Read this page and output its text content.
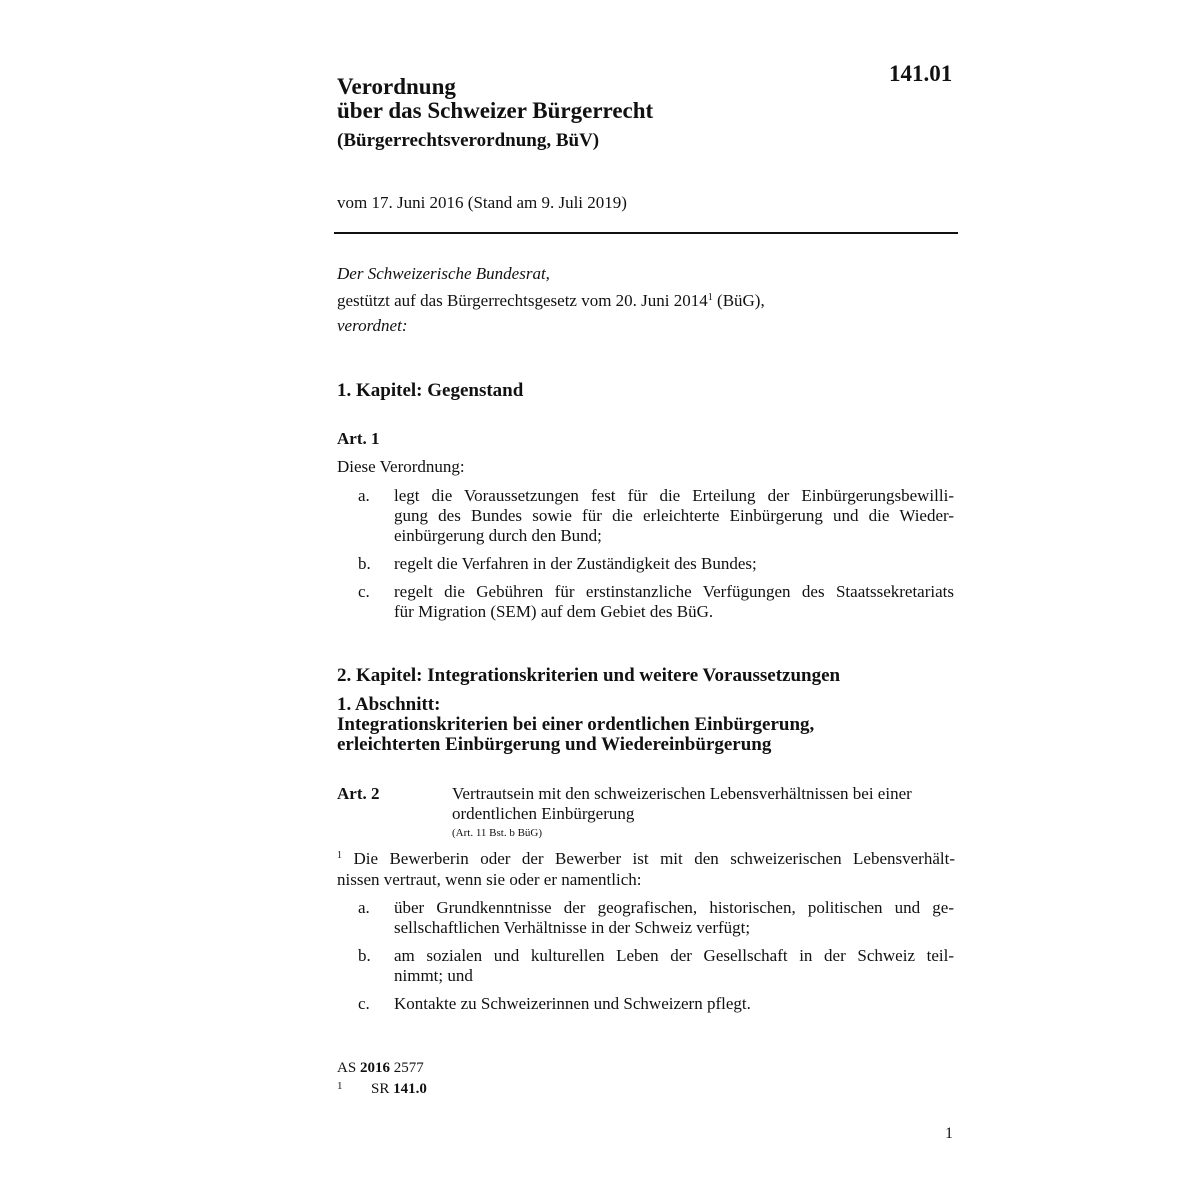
141.01
Verordnung
über das Schweizer Bürgerrecht
(Bürgerrechtsverordnung, BüV)
vom 17. Juni 2016 (Stand am 9. Juli 2019)
Der Schweizerische Bundesrat,
gestützt auf das Bürgerrechtsgesetz vom 20. Juni 2014$^1$ (BüG),
verordnet:
1. Kapitel: Gegenstand
Art. 1
Diese Verordnung:
a. legt die Voraussetzungen fest für die Erteilung der Einbürgerungsbewilli-
gung des Bundes sowie für die erleichterte Einbürgerung und die Wieder-
einbürgerung durch den Bund;
b. regelt die Verfahren in der Zuständigkeit des Bundes;
c. regelt die Gebühren für erstinstanzliche Verfügungen des Staatssekretariats
für Migration (SEM) auf dem Gebiet des BüG.
2. Kapitel: Integrationskriterien und weitere Voraussetzungen
1. Abschnitt:
Integrationskriterien bei einer ordentlichen Einbürgerung,
erleichterten Einbürgerung und Wiedereinbürgerung
Art. 2	Vertrautsein mit den schweizerischen Lebensverhältnissen bei einer
ordentlichen Einbürgerung
(Art. 11 Bst. b BüG)
$^1$ Die Bewerberin oder der Bewerber ist mit den schweizerischen Lebensverhält-
nissen vertraut, wenn sie oder er namentlich:
a. über Grundkenntnisse der geografischen, historischen, politischen und ge-
sellschaftlichen Verhältnisse in der Schweiz verfügt;
b. am sozialen und kulturellen Leben der Gesellschaft in der Schweiz teil-
nimmt; und
c. Kontakte zu Schweizerinnen und Schweizern pflegt.
AS 2016 2577
1 SR 141.0
1
